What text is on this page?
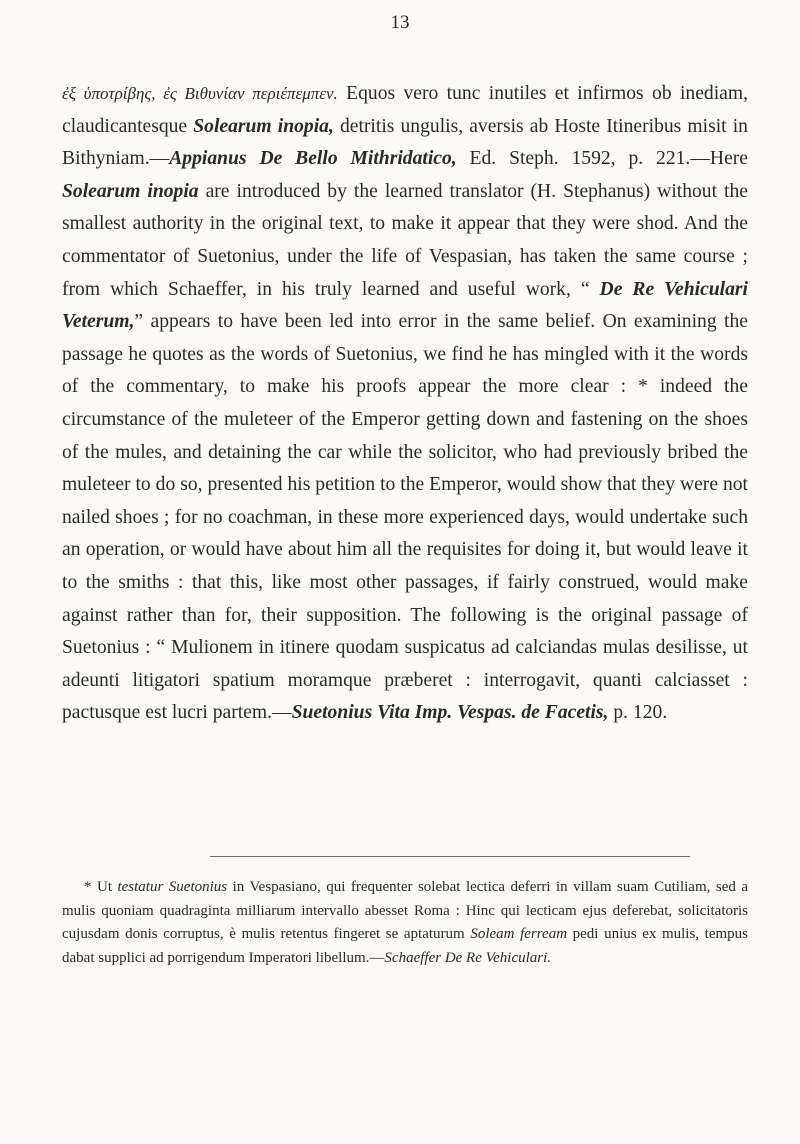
13

ἐξ ὑποτρίβης, ἐς Βιθυνίαν περιέπεμπεν. Equos vero tunc inutiles et infirmos ob inediam, claudicantesque Solearum inopia, detritis ungulis, aversis ab Hoste Itineribus misit in Bithyniam.—Appianus De Bello Mithridatico, Ed. Steph. 1592, p. 221.—Here Solearum inopia are introduced by the learned translator (H. Stephanus) without the smallest authority in the original text, to make it appear that they were shod. And the commentator of Suetonius, under the life of Vespasian, has taken the same course ; from which Schaeffer, in his truly learned and useful work, “ De Re Vehiculari Veterum,” appears to have been led into error in the same belief. On examining the passage he quotes as the words of Suetonius, we find he has mingled with it the words of the commentary, to make his proofs appear the more clear : * indeed the circumstance of the muleteer of the Emperor getting down and fastening on the shoes of the mules, and detaining the car while the solicitor, who had previously bribed the muleteer to do so, presented his petition to the Emperor, would show that they were not nailed shoes ; for no coachman, in these more experienced days, would undertake such an operation, or would have about him all the requisites for doing it, but would leave it to the smiths : that this, like most other passages, if fairly construed, would make against rather than for, their supposition. The following is the original passage of Suetonius : “ Mulionem in itinere quodam suspicatus ad calciandas mulas desilisse, ut adeunti litigatori spatium moramque præberet : interrogavit, quanti calciasset : pactusque est lucri partem.—Suetonius Vita Imp. Vespas. de Facetis, p. 120.

* Ut testatur Suetonius in Vespasiano, qui frequenter solebat lectica deferri in villam suam Cutiliam, sed a mulis quoniam quadraginta milliarum intervallo abesset Roma : Hinc qui lecticam ejus deferebat, solicitatoris cujusdam donis corruptus, è mulis retentus fingeret se aptaturum Soleam ferream pedi unius ex mulis, tempus dabat supplici ad porrigendum Imperatori libellum.—Schaeffer De Re Vehiculari.
